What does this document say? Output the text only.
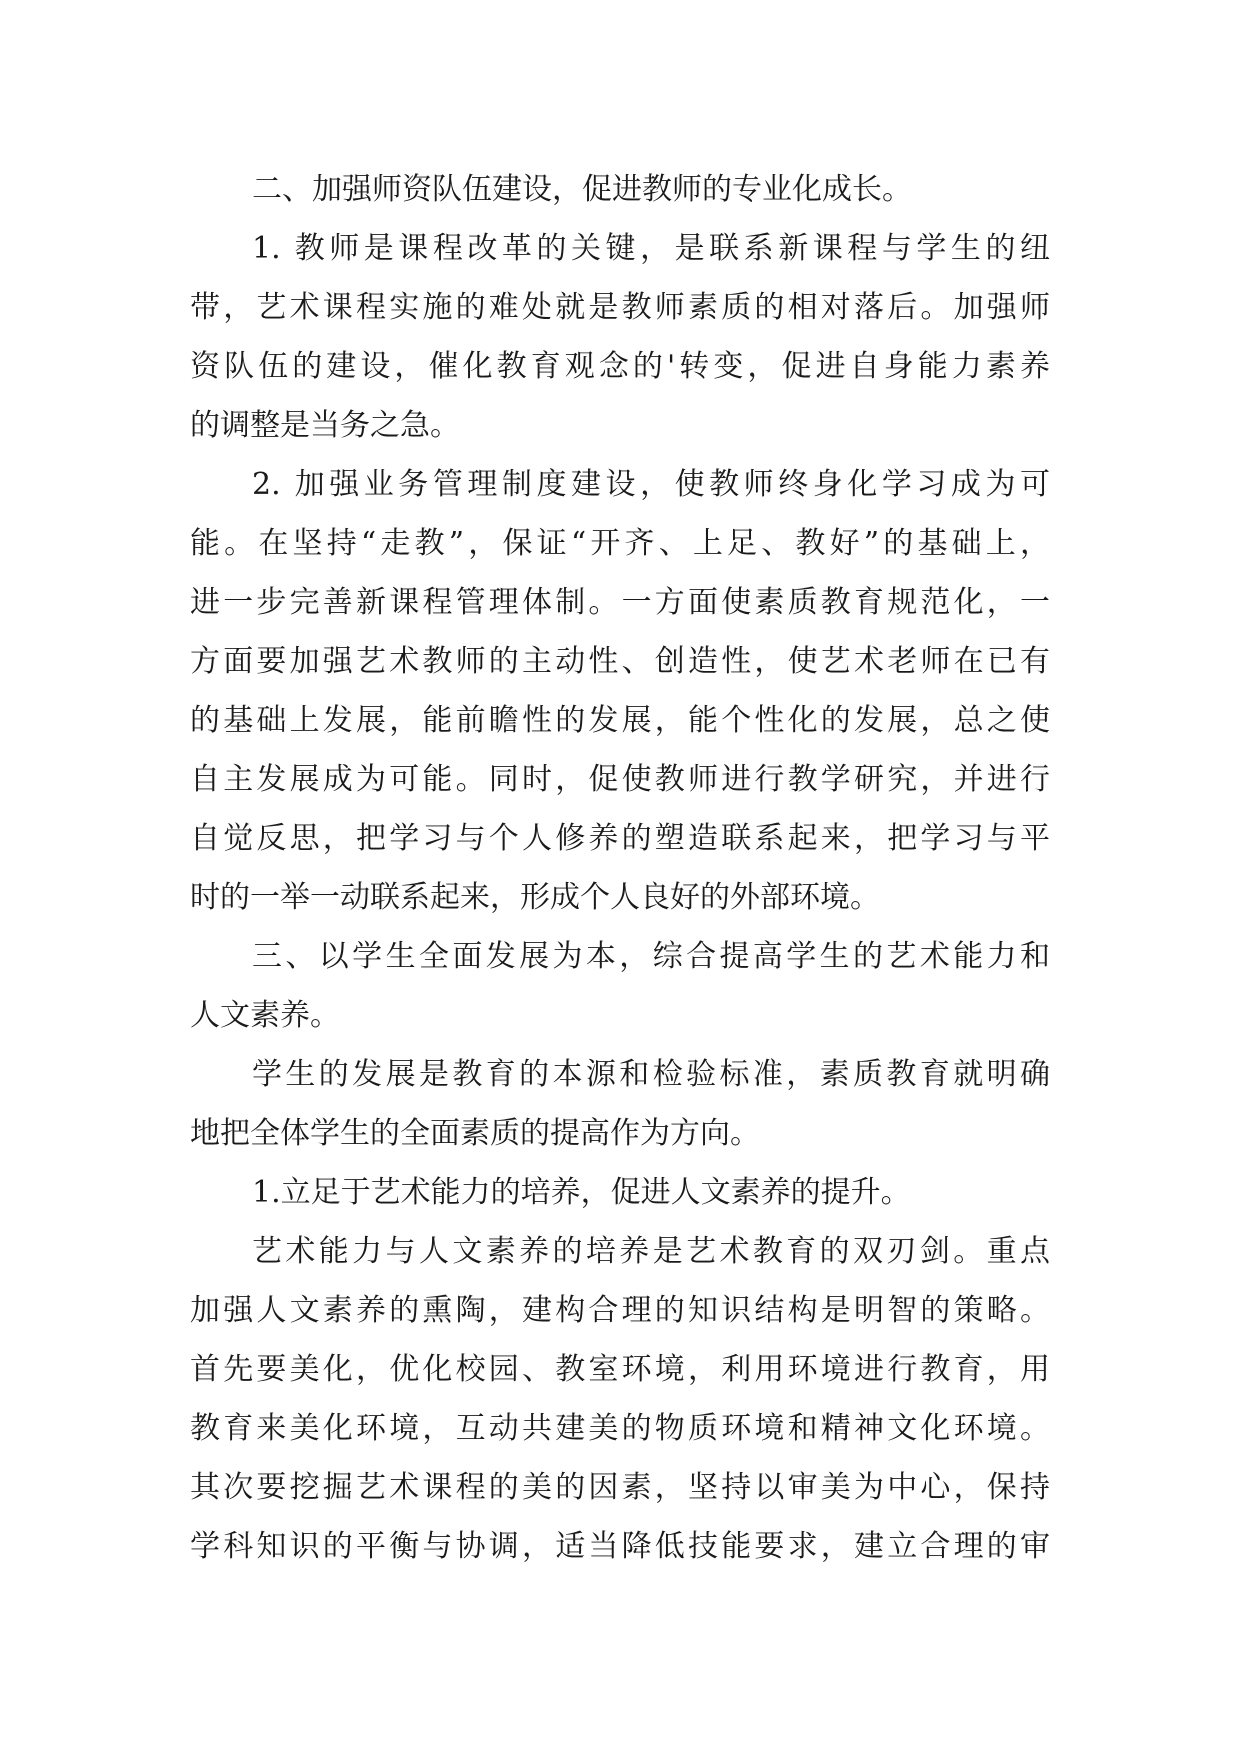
二、加强师资队伍建设，促进教师的专业化成长。
1. 教师是课程改革的关键，是联系新课程与学生的纽
带，艺术课程实施的难处就是教师素质的相对落后。加强师
资队伍的建设，催化教育观念的'转变，促进自身能力素养
的调整是当务之急。
2. 加强业务管理制度建设，使教师终身化学习成为可
能。在坚持“走教”，保证“开齐、上足、教好”的基础上，
进一步完善新课程管理体制。一方面使素质教育规范化，一
方面要加强艺术教师的主动性、创造性，使艺术老师在已有
的基础上发展，能前瞻性的发展，能个性化的发展，总之使
自主发展成为可能。同时，促使教师进行教学研究，并进行
自觉反思，把学习与个人修养的塑造联系起来，把学习与平
时的一举一动联系起来，形成个人良好的外部环境。
三、以学生全面发展为本，综合提高学生的艺术能力和
人文素养。
学生的发展是教育的本源和检验标准，素质教育就明确
地把全体学生的全面素质的提高作为方向。
1.立足于艺术能力的培养，促进人文素养的提升。
艺术能力与人文素养的培养是艺术教育的双刃剑。重点
加强人文素养的熏陶，建构合理的知识结构是明智的策略。
首先要美化，优化校园、教室环境，利用环境进行教育，用
教育来美化环境，互动共建美的物质环境和精神文化环境。
其次要挖掘艺术课程的美的因素，坚持以审美为中心，保持
学科知识的平衡与协调，适当降低技能要求，建立合理的审
